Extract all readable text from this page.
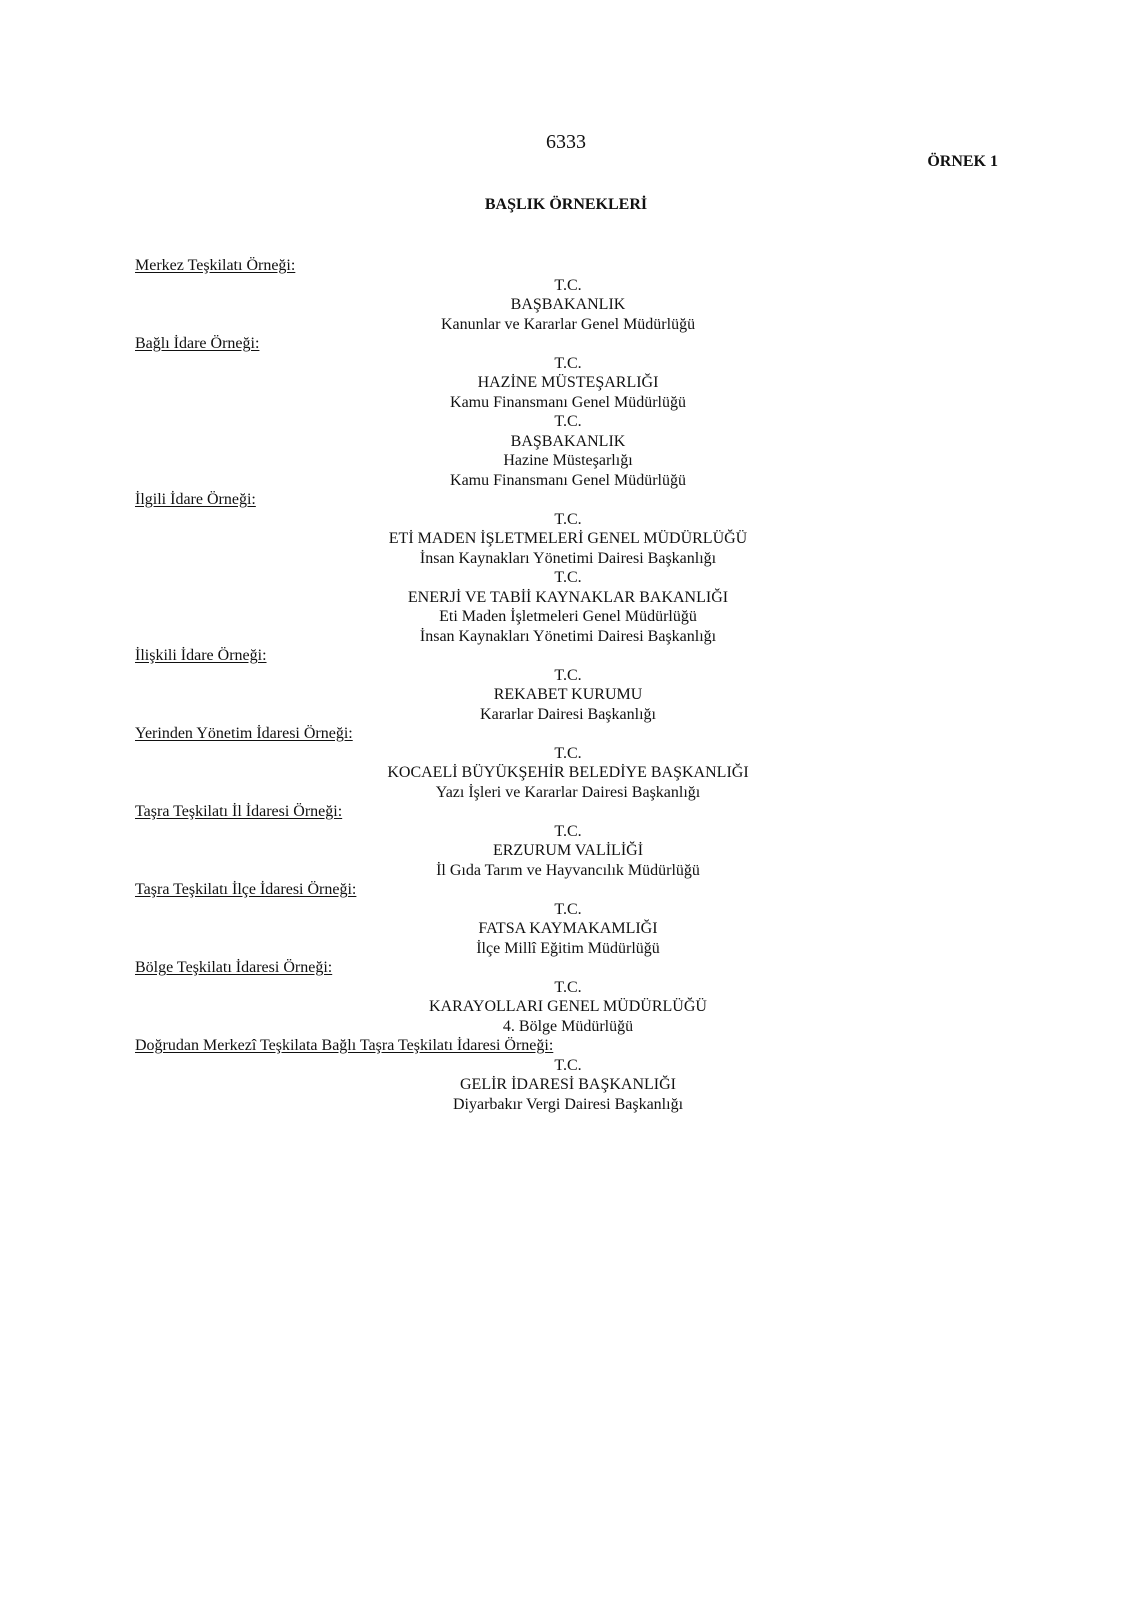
6333
ÖRNEK 1
BAŞLIK ÖRNEKLERİ
Merkez Teşkilatı Örneği:
T.C.
BAŞBAKANLIK
Kanunlar ve Kararlar Genel Müdürlüğü
Bağlı İdare Örneği:
T.C.
HAZİNE MÜSTEŞARLIĞI
Kamu Finansmanı Genel Müdürlüğü
T.C.
BAŞBAKANLIK
Hazine Müsteşarlığı
Kamu Finansmanı Genel Müdürlüğü
İlgili İdare Örneği:
T.C.
ETİ MADEN İŞLETMELERİ GENEL MÜDÜRLÜĞÜ
İnsan Kaynakları Yönetimi Dairesi Başkanlığı
T.C.
ENERJİ VE TABİİ KAYNAKLAR BAKANLIĞI
Eti Maden İşletmeleri Genel Müdürlüğü
İnsan Kaynakları Yönetimi Dairesi Başkanlığı
İlişkili İdare Örneği:
T.C.
REKABET KURUMU
Kararlar Dairesi Başkanlığı
Yerinden Yönetim İdaresi Örneği:
T.C.
KOCAELİ BÜYÜKŞEHİR BELEDİYE BAŞKANLIĞI
Yazı İşleri ve Kararlar Dairesi Başkanlığı
Taşra Teşkilatı İl İdaresi Örneği:
T.C.
ERZURUM VALİLİĞİ
İl Gıda Tarım ve Hayvancılık Müdürlüğü
Taşra Teşkilatı İlçe İdaresi Örneği:
T.C.
FATSA KAYMAKAMLIĞI
İlçe Millî Eğitim Müdürlüğü
Bölge Teşkilatı İdaresi Örneği:
T.C.
KARAYOLLARI GENEL MÜDÜRLÜĞÜ
4. Bölge Müdürlüğü
Doğrudan Merkezî Teşkilata Bağlı Taşra Teşkilatı İdaresi Örneği:
T.C.
GELİR İDARESİ BAŞKANLIĞI
Diyarbakır Vergi Dairesi Başkanlığı
